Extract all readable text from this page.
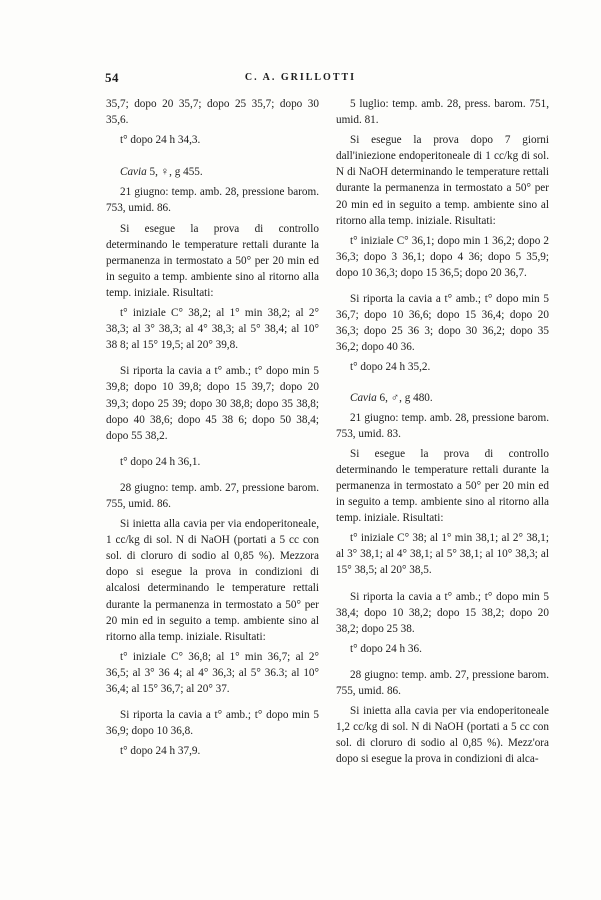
54	C. A. GRILLOTTI

35,7; dopo 20 35,7; dopo 25 35,7; dopo 30 35,6.

t° dopo 24 h 34,3.

Cavia 5, ♀, g 455.

21 giugno: temp. amb. 28, pressione barom. 753, umid. 86.

Si esegue la prova di controllo determinando le temperature rettali durante la permanenza in termostato a 50° per 20 min ed in seguito a temp. ambiente sino al ritorno alla temp. iniziale. Risultati:

t° iniziale C° 38,2; al 1° min 38,2; al 2° 38,3; al 3° 38,3; al 4° 38,3; al 5° 38,4; al 10° 38 8; al 15° 19,5; al 20° 39,8.

Si riporta la cavia a t° amb.; t° dopo min 5 39,8; dopo 10 39,8; dopo 15 39,7; dopo 20 39,3; dopo 25 39; dopo 30 38,8; dopo 35 38,8; dopo 40 38,6; dopo 45 38 6; dopo 50 38,4; dopo 55 38,2.

t° dopo 24 h 36,1.

28 giugno: temp. amb. 27, pressione barom. 755, umid. 86.

Si inietta alla cavia per via endoperitoneale, 1 cc/kg di sol. N di NaOH (portati a 5 cc con sol. di cloruro di sodio al 0,85 %). Mezzora dopo si esegue la prova in condizioni di alcalosi determinando le temperature rettali durante la permanenza in termostato a 50° per 20 min ed in seguito a temp. ambiente sino al ritorno alla temp. iniziale. Risultati:

t° iniziale C° 36,8; al 1° min 36,7; al 2° 36,5; al 3° 36 4; al 4° 36,3; al 5° 36.3; al 10° 36,4; al 15° 36,7; al 20° 37.

Si riporta la cavia a t° amb.; t° dopo min 5 36,9; dopo 10 36,8.

t° dopo 24 h 37,9.

5 luglio: temp. amb. 28, press. barom. 751, umid. 81.

Si esegue la prova dopo 7 giorni dall'iniezione endoperitoneale di 1 cc/kg di sol. N di NaOH determinando le temperature rettali durante la permanenza in termostato a 50° per 20 min ed in seguito a temp. ambiente sino al ritorno alla temp. iniziale. Risultati:

t° iniziale C° 36,1; dopo min 1 36,2; dopo 2 36,3; dopo 3 36,1; dopo 4 36; dopo 5 35,9; dopo 10 36,3; dopo 15 36,5; dopo 20 36,7.

Si riporta la cavia a t° amb.; t° dopo min 5 36,7; dopo 10 36,6; dopo 15 36,4; dopo 20 36,3; dopo 25 36 3; dopo 30 36,2; dopo 35 36,2; dopo 40 36.

t° dopo 24 h 35,2.

Cavia 6, ♂, g 480.

21 giugno: temp. amb. 28, pressione barom. 753, umid. 83.

Si esegue la prova di controllo determinando le temperature rettali durante la permanenza in termostato a 50° per 20 min ed in seguito a temp. ambiente sino al ritorno alla temp. iniziale. Risultati:

t° iniziale C° 38; al 1° min 38,1; al 2° 38,1; al 3° 38,1; al 4° 38,1; al 5° 38,1; al 10° 38,3; al 15° 38,5; al 20° 38,5.

Si riporta la cavia a t° amb.; t° dopo min 5 38,4; dopo 10 38,2; dopo 15 38,2; dopo 20 38,2; dopo 25 38.

t° dopo 24 h 36.

28 giugno: temp. amb. 27, pressione barom. 755, umid. 86.

Si inietta alla cavia per via endoperitoneale 1,2 cc/kg di sol. N di NaOH (portati a 5 cc con sol. di cloruro di sodio al 0,85 %). Mezz'ora dopo si esegue la prova in condizioni di alca-
